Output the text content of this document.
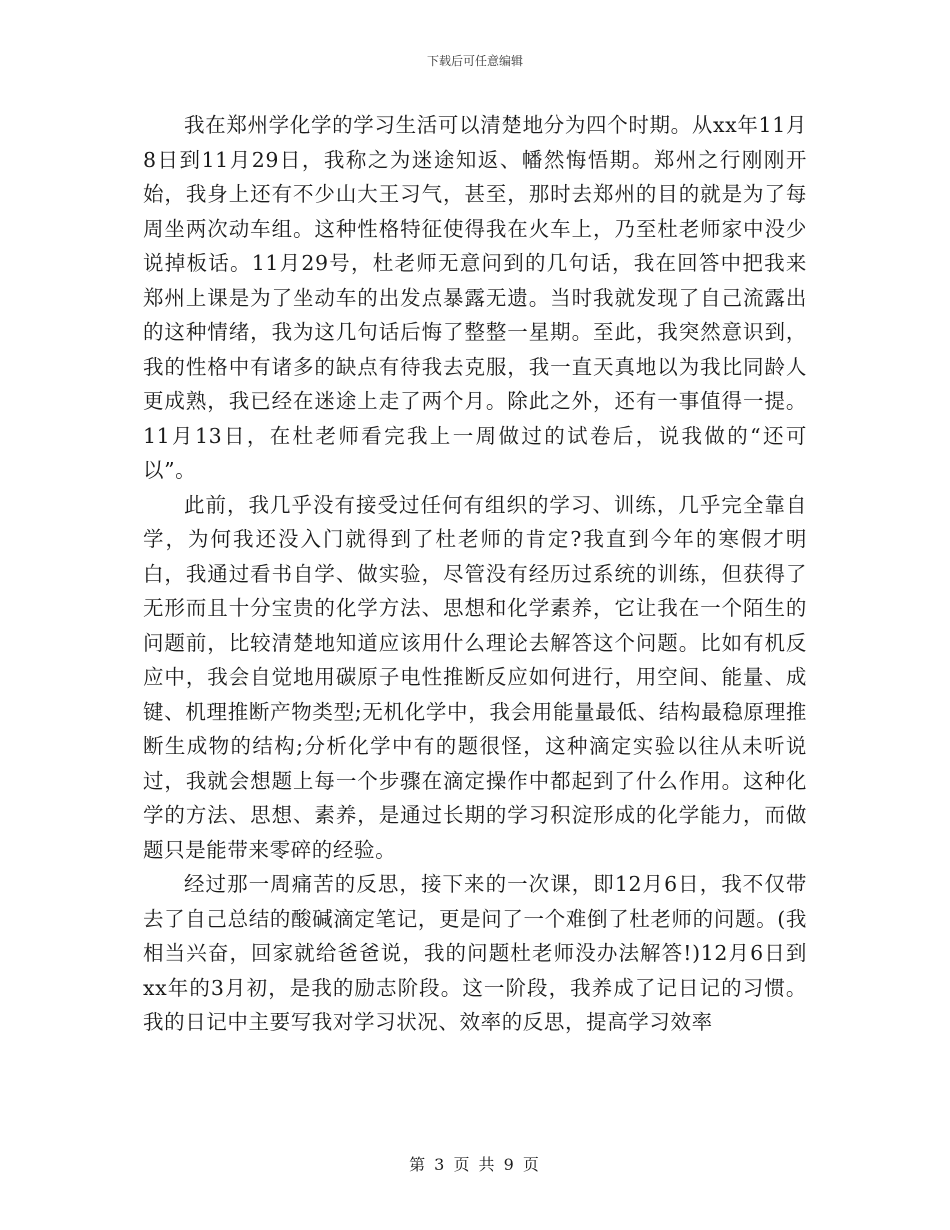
下载后可任意编辑

我在郑州学化学的学习生活可以清楚地分为四个时期。从xx年11月8日到11月29日，我称之为迷途知返、幡然悔悟期。郑州之行刚刚开始，我身上还有不少山大王习气，甚至，那时去郑州的目的就是为了每周坐两次动车组。这种性格特征使得我在火车上，乃至杜老师家中没少说掉板话。11月29号，杜老师无意问到的几句话，我在回答中把我来郑州上课是为了坐动车的出发点暴露无遗。当时我就发现了自己流露出的这种情绪，我为这几句话后悔了整整一星期。至此，我突然意识到，我的性格中有诸多的缺点有待我去克服，我一直天真地以为我比同龄人更成熟，我已经在迷途上走了两个月。除此之外，还有一事值得一提。11月13日，在杜老师看完我上一周做过的试卷后，说我做的“还可以”。

此前，我几乎没有接受过任何有组织的学习、训练，几乎完全靠自学，为何我还没入门就得到了杜老师的肯定?我直到今年的寒假才明白，我通过看书自学、做实验，尽管没有经历过系统的训练，但获得了无形而且十分宝贵的化学方法、思想和化学素养，它让我在一个陌生的问题前，比较清楚地知道应该用什么理论去解答这个问题。比如有机反应中，我会自觉地用碳原子电性推断反应如何进行，用空间、能量、成键、机理推断产物类型;无机化学中，我会用能量最低、结构最稳原理推断生成物的结构;分析化学中有的题很怪，这种滴定实验以往从未听说过，我就会想题上每一个步骤在滴定操作中都起到了什么作用。这种化学的方法、思想、素养，是通过长期的学习积淀形成的化学能力，而做题只是能带来零碎的经验。

经过那一周痛苦的反思，接下来的一次课，即12月6日，我不仅带去了自己总结的酸碱滴定笔记，更是问了一个难倒了杜老师的问题。(我相当兴奋，回家就给爸爸说，我的问题杜老师没办法解答!)12月6日到xx年的3月初，是我的励志阶段。这一阶段，我养成了记日记的习惯。我的日记中主要写我对学习状况、效率的反思，提高学习效率

第 3 页 共 9 页
